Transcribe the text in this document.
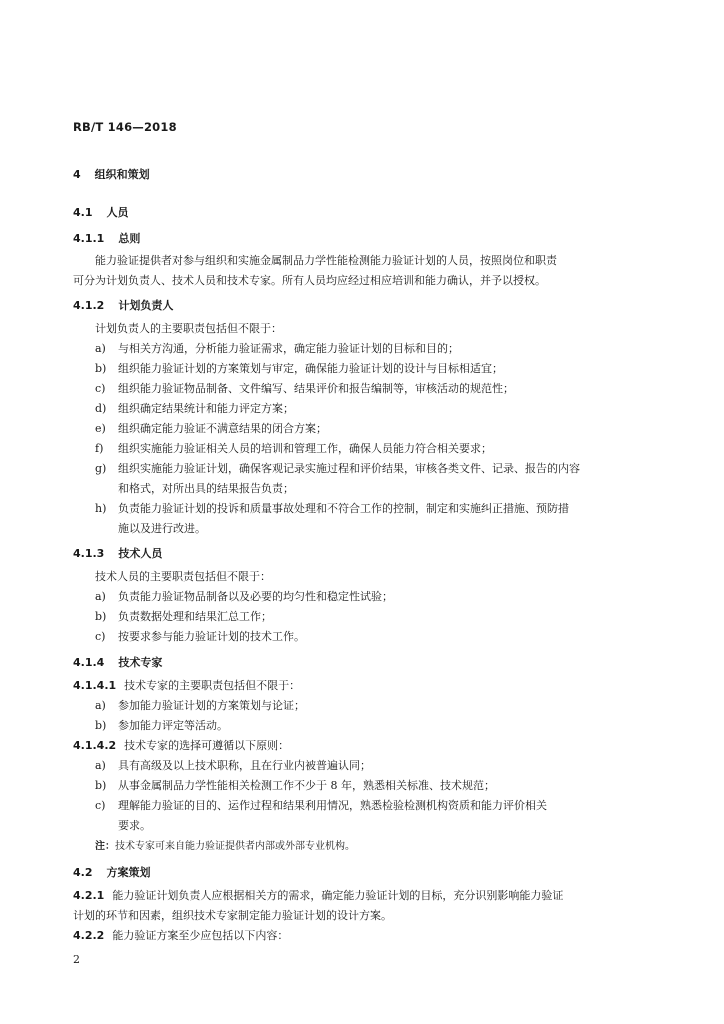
RB/T 146—2018
4 组织和策划
4.1 人员
4.1.1 总则
能力验证提供者对参与组织和实施金属制品力学性能检测能力验证计划的人员，按照岗位和职责
可分为计划负责人、技术人员和技术专家。所有人员均应经过相应培训和能力确认，并予以授权。
4.1.2 计划负责人
计划负责人的主要职责包括但不限于：
a) 与相关方沟通，分析能力验证需求，确定能力验证计划的目标和目的；
b) 组织能力验证计划的方案策划与审定，确保能力验证计划的设计与目标相适宜；
c) 组织能力验证物品制备、文件编写、结果评价和报告编制等，审核活动的规范性；
d) 组织确定结果统计和能力评定方案；
e) 组织确定能力验证不满意结果的闭合方案；
f) 组织实施能力验证相关人员的培训和管理工作，确保人员能力符合相关要求；
g) 组织实施能力验证计划，确保客观记录实施过程和评价结果，审核各类文件、记录、报告的内容
和格式，对所出具的结果报告负责；
h) 负责能力验证计划的投诉和质量事故处理和不符合工作的控制，制定和实施纠正措施、预防措
施以及进行改进。
4.1.3 技术人员
技术人员的主要职责包括但不限于：
a) 负责能力验证物品制备以及必要的均匀性和稳定性试验；
b) 负责数据处理和结果汇总工作；
c) 按要求参与能力验证计划的技术工作。
4.1.4 技术专家
4.1.4.1 技术专家的主要职责包括但不限于：
a) 参加能力验证计划的方案策划与论证；
b) 参加能力评定等活动。
4.1.4.2 技术专家的选择可遵循以下原则：
a) 具有高级及以上技术职称，且在行业内被普遍认同；
b) 从事金属制品力学性能相关检测工作不少于 8 年，熟悉相关标准、技术规范；
c) 理解能力验证的目的、运作过程和结果利用情况，熟悉检验检测机构资质和能力评价相关
要求。
注：技术专家可来自能力验证提供者内部或外部专业机构。
4.2 方案策划
4.2.1 能力验证计划负责人应根据相关方的需求，确定能力验证计划的目标，充分识别影响能力验证
计划的环节和因素，组织技术专家制定能力验证计划的设计方案。
4.2.2 能力验证方案至少应包括以下内容：
2
